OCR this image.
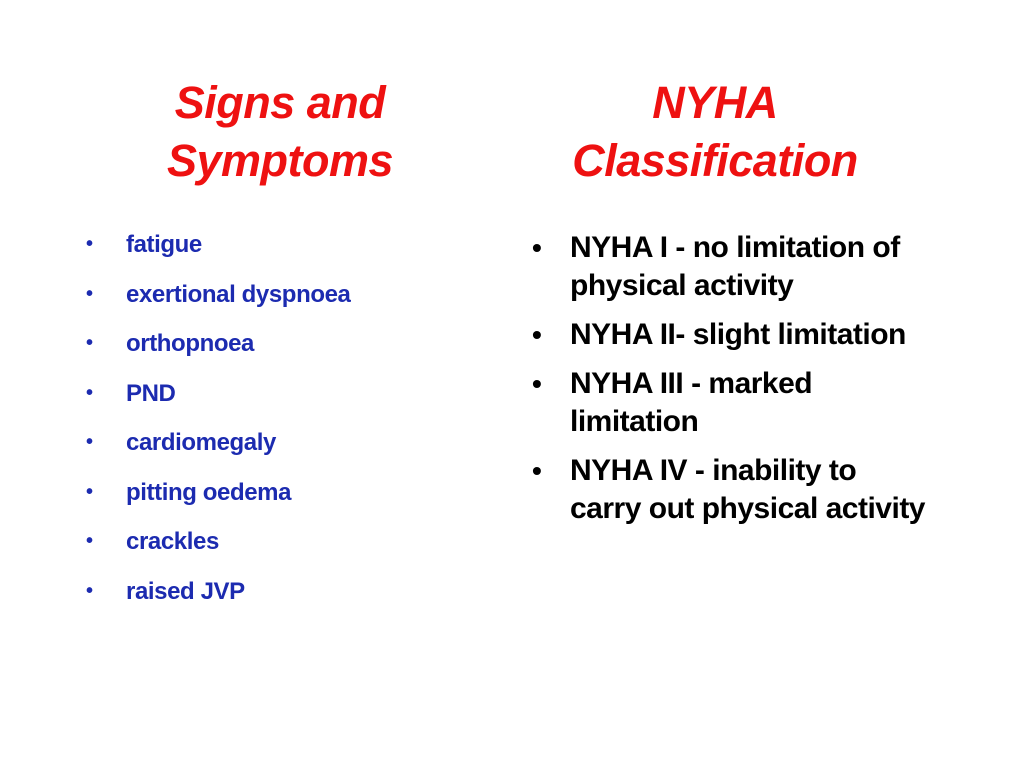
Signs and
Symptoms
NYHA
Classification
• fatigue
• exertional dyspnoea
• orthopnoea
• PND
• cardiomegaly
• pitting oedema
• crackles
• raised JVP
• NYHA I - no limitation of physical activity
• NYHA II- slight limitation
• NYHA III - marked limitation
• NYHA IV - inability to carry out physical activity
